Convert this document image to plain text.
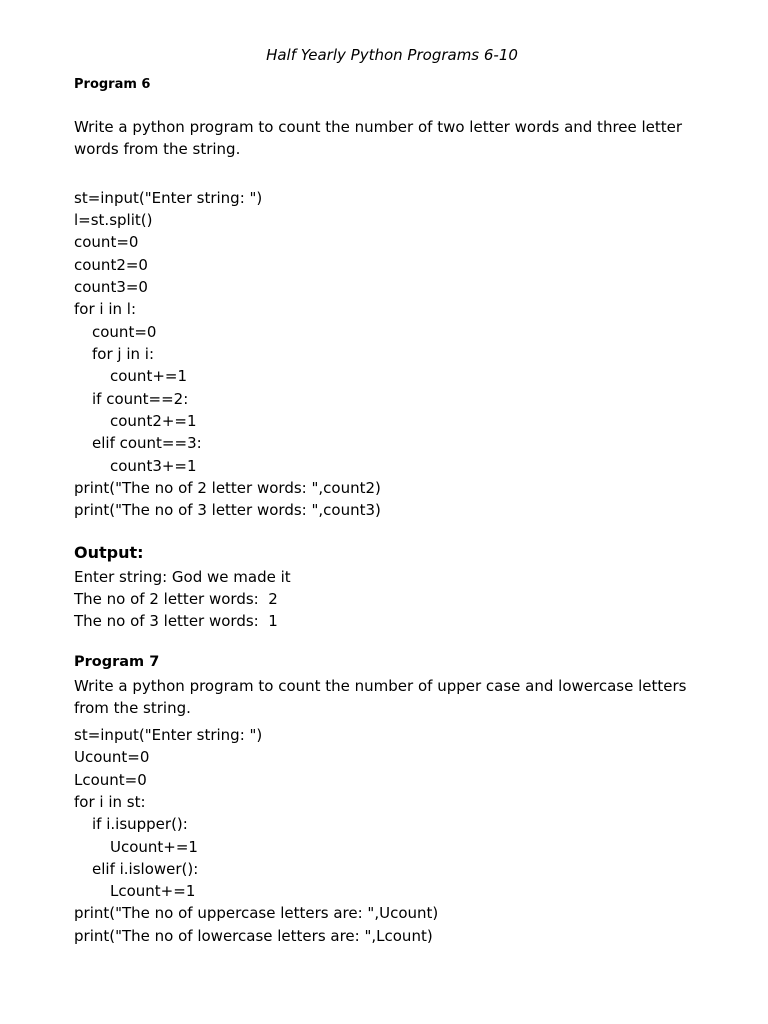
Half Yearly Python Programs 6-10
Program 6
Write a python program to count the number of two letter words and three letter words from the string.
st=input("Enter string: ")
l=st.split()
count=0
count2=0
count3=0
for i in l:
count=0
for j in i:
count+=1
if count==2:
count2+=1
elif count==3:
count3+=1
print("The no of 2 letter words: ",count2)
print("The no of 3 letter words: ",count3)
Output:
Enter string: God we made it
The no of 2 letter words:  2
The no of 3 letter words:  1
Program 7
Write a python program to count the number of upper case and lowercase letters from the string.
st=input("Enter string: ")
Ucount=0
Lcount=0
for i in st:
if i.isupper():
Ucount+=1
elif i.islower():
Lcount+=1
print("The no of uppercase letters are: ",Ucount)
print("The no of lowercase letters are: ",Lcount)
